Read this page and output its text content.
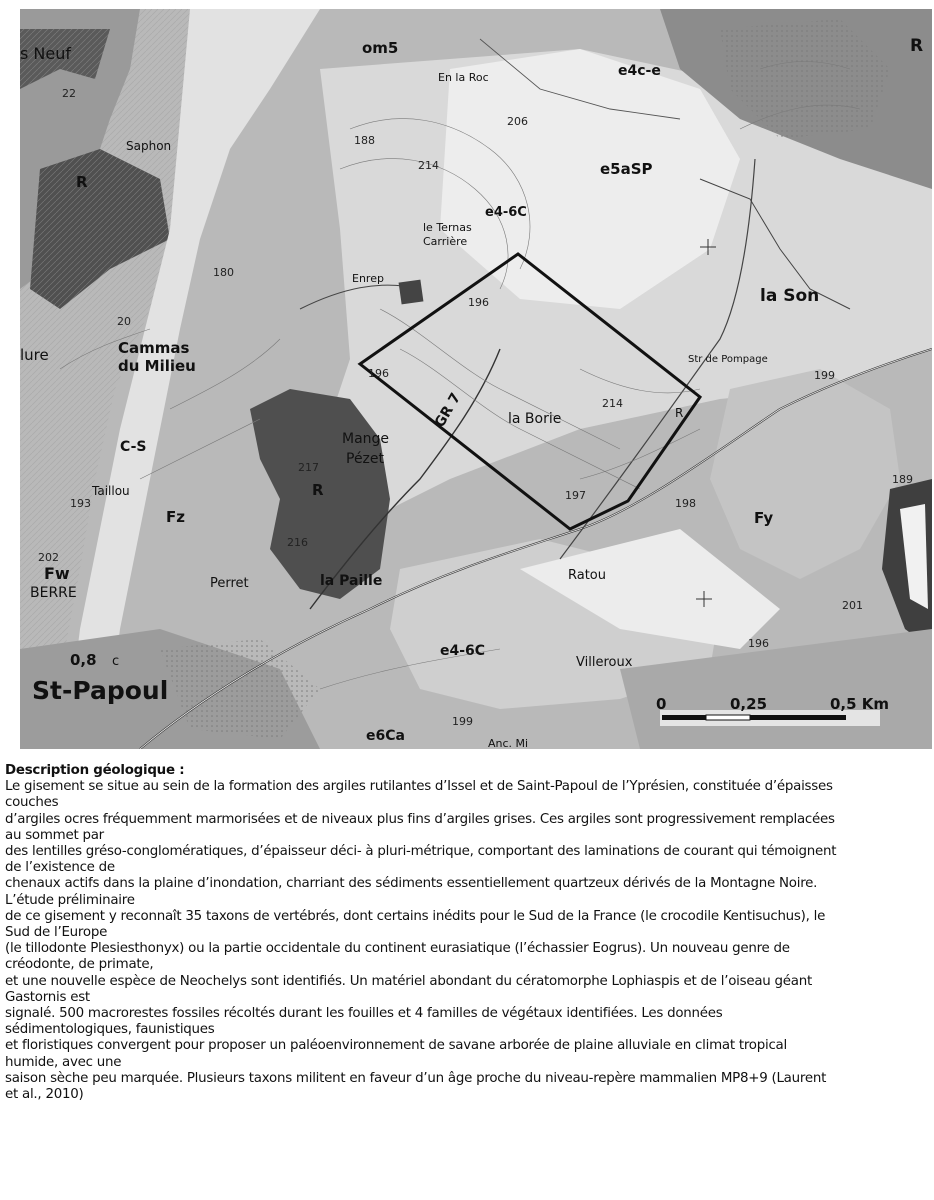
s Neuf	om5	R
e4c-e
En la Roc
22
206
188
Saphon
214	e5aSP
R
e4-6C
le Ternas
Carrière
180	Enrep
196	la Son
20
Cammas
du Milieu
lure
196
Str de Pompage
199
GR 7	la Borie
214
R
C-S	Mange
Pézet
217
R
Taillou
193
Fz
197
198
Fy
189
216
202
Fw
BERRE
Perret	la Paille	Ratou
201
196
e4-6C
Villeroux
0,8 c
St-Papoul
e6Ca
199
Anc. Mi
0	0,25	0,5 Km
Description géologique :
Le gisement se situe au sein de la formation des argiles rutilantes d’Issel et de Saint-Papoul de l’Yprésien, constituée d’épaisses
couches
d’argiles ocres fréquemment marmorisées et de niveaux plus fins d’argiles grises. Ces argiles sont progressivement remplacées
au sommet par
des lentilles gréso-conglomératiques, d’épaisseur déci- à pluri-métrique, comportant des laminations de courant qui témoignent
de l’existence de
chenaux actifs dans la plaine d’inondation, charriant des sédiments essentiellement quartzeux dérivés de la Montagne Noire.
L’étude préliminaire
de ce gisement y reconnaît 35 taxons de vertébrés, dont certains inédits pour le Sud de la France (le crocodile Kentisuchus), le
Sud de l’Europe
(le tillodonte Plesiesthonyx) ou la partie occidentale du continent eurasiatique (l’échassier Eogrus). Un nouveau genre de
créodonte, de primate,
et une nouvelle espèce de Neochelys sont identifiés. Un matériel abondant du cératomorphe Lophiaspis et de l’oiseau géant
Gastornis est
signalé. 500 macrorestes fossiles récoltés durant les fouilles et 4 familles de végétaux identifiées. Les données
sédimentologiques, faunistiques
et floristiques convergent pour proposer un paléoenvironnement de savane arborée de plaine alluviale en climat tropical
humide, avec une
saison sèche peu marquée. Plusieurs taxons militent en faveur d’un âge proche du niveau-repère mammalien MP8+9 (Laurent
et al., 2010)
